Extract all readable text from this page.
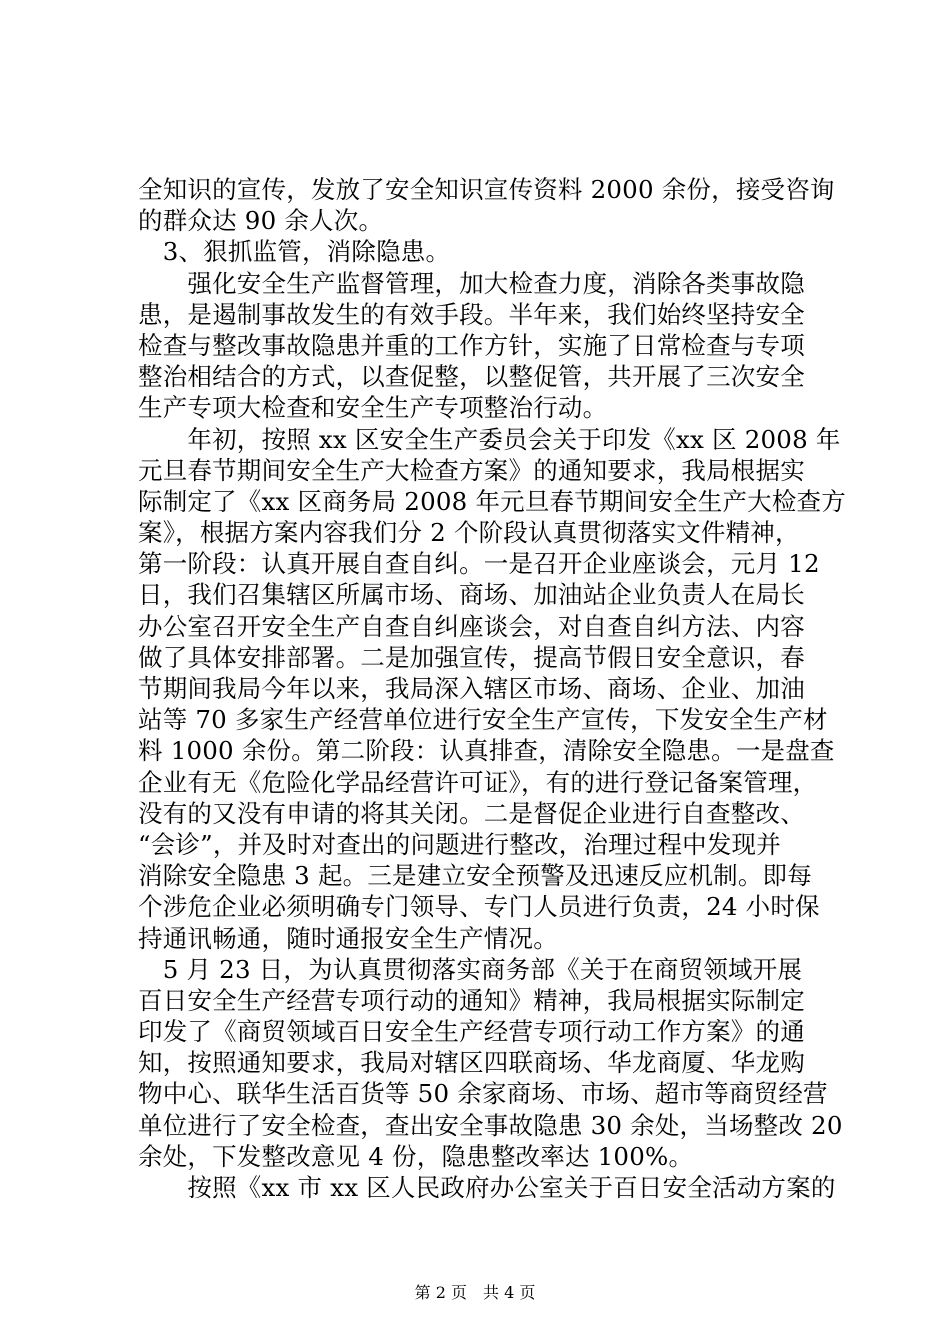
全知识的宣传，发放了安全知识宣传资料 2000 余份，接受咨询
的群众达 90 余人次。
　3、狠抓监管，消除隐患。
　　强化安全生产监督管理，加大检查力度，消除各类事故隐
患，是遏制事故发生的有效手段。半年来，我们始终坚持安全
检查与整改事故隐患并重的工作方针，实施了日常检查与专项
整治相结合的方式，以查促整，以整促管，共开展了三次安全
生产专项大检查和安全生产专项整治行动。
　　年初，按照 xx 区安全生产委员会关于印发《xx 区 2008 年
元旦春节期间安全生产大检查方案》的通知要求，我局根据实
际制定了《xx 区商务局 2008 年元旦春节期间安全生产大检查方
案》，根据方案内容我们分 2 个阶段认真贯彻落实文件精神，
第一阶段：认真开展自查自纠。一是召开企业座谈会，元月 12
日，我们召集辖区所属市场、商场、加油站企业负责人在局长
办公室召开安全生产自查自纠座谈会，对自查自纠方法、内容
做了具体安排部署。二是加强宣传，提高节假日安全意识，春
节期间我局今年以来，我局深入辖区市场、商场、企业、加油
站等 70 多家生产经营单位进行安全生产宣传，下发安全生产材
料 1000 余份。第二阶段：认真排查，清除安全隐患。一是盘查
企业有无《危险化学品经营许可证》，有的进行登记备案管理，
没有的又没有申请的将其关闭。二是督促企业进行自查整改、
“会诊”，并及时对查出的问题进行整改，治理过程中发现并
消除安全隐患 3 起。三是建立安全预警及迅速反应机制。即每
个涉危企业必须明确专门领导、专门人员进行负责，24 小时保
持通讯畅通，随时通报安全生产情况。
　5 月 23 日，为认真贯彻落实商务部《关于在商贸领域开展
百日安全生产经营专项行动的通知》精神，我局根据实际制定
印发了《商贸领域百日安全生产经营专项行动工作方案》的通
知，按照通知要求，我局对辖区四联商场、华龙商厦、华龙购
物中心、联华生活百货等 50 余家商场、市场、超市等商贸经营
单位进行了安全检查，查出安全事故隐患 30 余处，当场整改 20
余处，下发整改意见 4 份，隐患整改率达 100%。
　　按照《xx 市 xx 区人民政府办公室关于百日安全活动方案的
第 2 页　共 4 页
